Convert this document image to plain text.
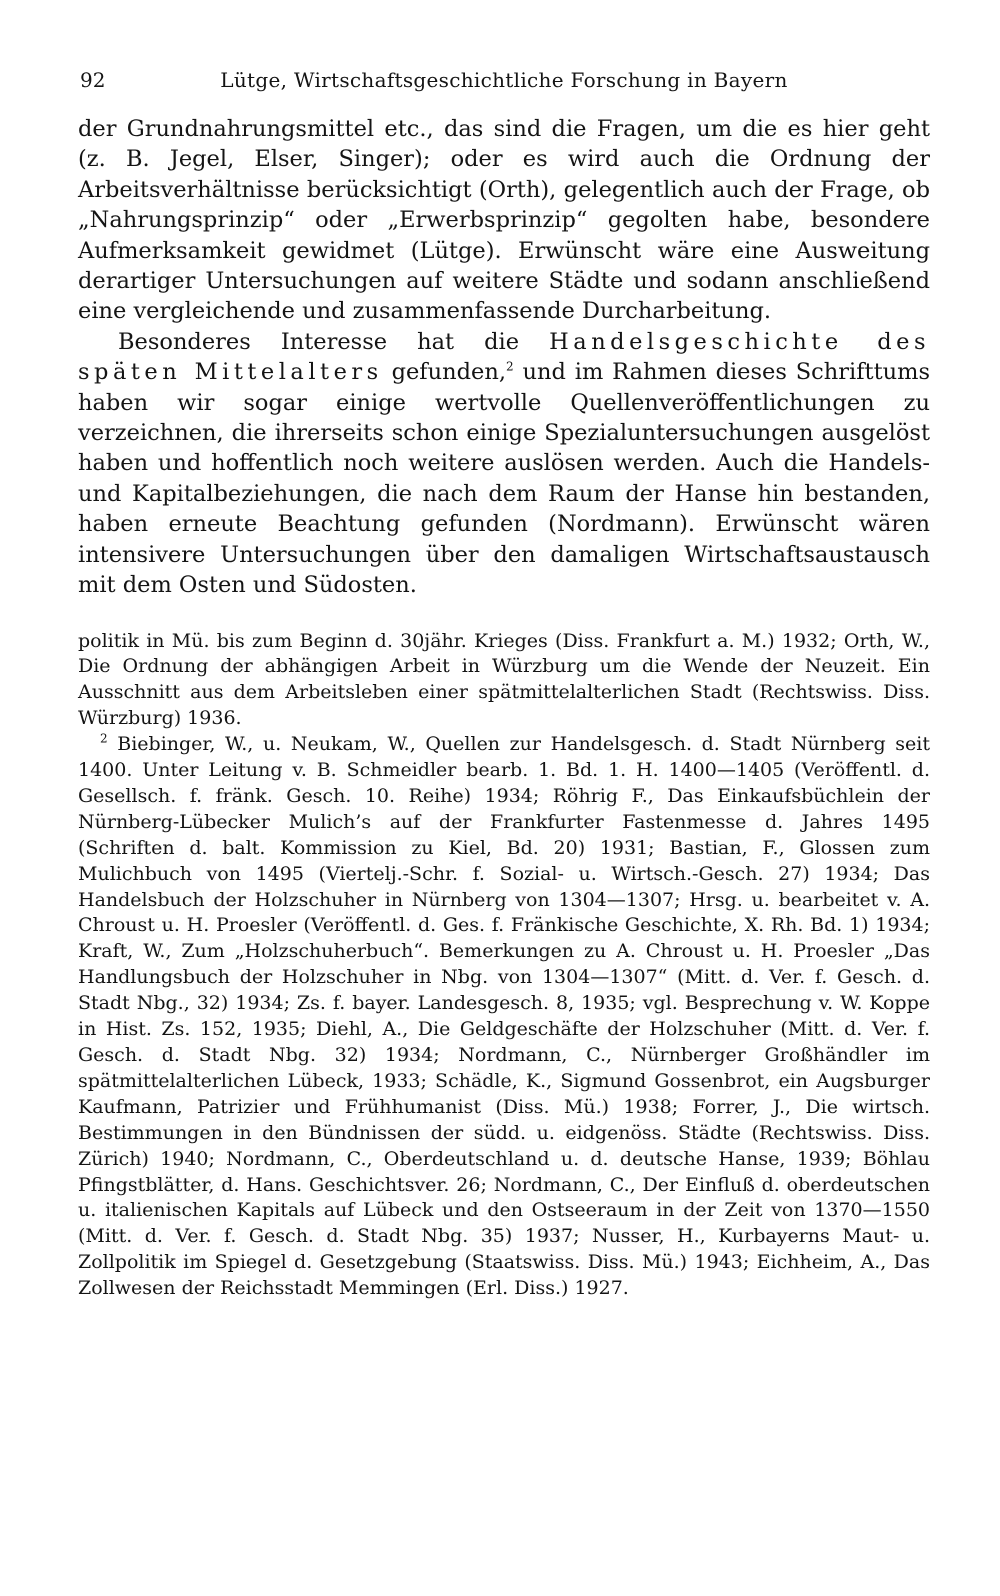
92	Lütge, Wirtschaftsgeschichtliche Forschung in Bayern

der Grundnahrungsmittel etc., das sind die Fragen, um die es hier geht (z. B. Jegel, Elser, Singer); oder es wird auch die Ordnung der Arbeitsverhältnisse berücksichtigt (Orth), gelegentlich auch der Frage, ob „Nahrungsprinzip“ oder „Erwerbsprinzip“ gegolten habe, besondere Aufmerksamkeit gewidmet (Lütge). Erwünscht wäre eine Ausweitung derartiger Untersuchungen auf weitere Städte und sodann anschließend eine vergleichende und zusammenfassende Durcharbeitung.

Besonderes Interesse hat die Handelsgeschichte des späten Mittelalters gefunden,$^2$ und im Rahmen dieses Schrifttums haben wir sogar einige wertvolle Quellenveröffentlichungen zu verzeichnen, die ihrerseits schon einige Spezialuntersuchungen ausgelöst haben und hoffentlich noch weitere auslösen werden. Auch die Handels- und Kapitalbeziehungen, die nach dem Raum der Hanse hin bestanden, haben erneute Beachtung gefunden (Nordmann). Erwünscht wären intensivere Untersuchungen über den damaligen Wirtschaftsaustausch mit dem Osten und Südosten.

politik in Mü. bis zum Beginn d. 30jähr. Krieges (Diss. Frankfurt a. M.) 1932; Orth, W., Die Ordnung der abhängigen Arbeit in Würzburg um die Wende der Neuzeit. Ein Ausschnitt aus dem Arbeitsleben einer spätmittelalterlichen Stadt (Rechtswiss. Diss. Würzburg) 1936.

$^2$ Biebinger, W., u. Neukam, W., Quellen zur Handelsgesch. d. Stadt Nürnberg seit 1400. Unter Leitung v. B. Schmeidler bearb. 1. Bd. 1. H. 1400—1405 (Veröffentl. d. Gesellsch. f. fränk. Gesch. 10. Reihe) 1934; Röhrig F., Das Einkaufsbüchlein der Nürnberg-Lübecker Mulich’s auf der Frankfurter Fastenmesse d. Jahres 1495 (Schriften d. balt. Kommission zu Kiel, Bd. 20) 1931; Bastian, F., Glossen zum Mulichbuch von 1495 (Viertelj.-Schr. f. Sozial- u. Wirtsch.-Gesch. 27) 1934; Das Handelsbuch der Holzschuher in Nürnberg von 1304—1307; Hrsg. u. bearbeitet v. A. Chroust u. H. Proesler (Veröffentl. d. Ges. f. Fränkische Geschichte, X. Rh. Bd. 1) 1934; Kraft, W., Zum „Holzschuherbuch“. Bemerkungen zu A. Chroust u. H. Proesler „Das Handlungsbuch der Holzschuher in Nbg. von 1304—1307“ (Mitt. d. Ver. f. Gesch. d. Stadt Nbg., 32) 1934; Zs. f. bayer. Landesgesch. 8, 1935; vgl. Besprechung v. W. Koppe in Hist. Zs. 152, 1935; Diehl, A., Die Geldgeschäfte der Holzschuher (Mitt. d. Ver. f. Gesch. d. Stadt Nbg. 32) 1934; Nordmann, C., Nürnberger Großhändler im spätmittelalterlichen Lübeck, 1933; Schädle, K., Sigmund Gossenbrot, ein Augsburger Kaufmann, Patrizier und Frühhumanist (Diss. Mü.) 1938; Forrer, J., Die wirtsch. Bestimmungen in den Bündnissen der südd. u. eidgenöss. Städte (Rechtswiss. Diss. Zürich) 1940; Nordmann, C., Oberdeutschland u. d. deutsche Hanse, 1939; Böhlau Pfingstblätter, d. Hans. Geschichtsver. 26; Nordmann, C., Der Einfluß d. oberdeutschen u. italienischen Kapitals auf Lübeck und den Ostseeraum in der Zeit von 1370—1550 (Mitt. d. Ver. f. Gesch. d. Stadt Nbg. 35) 1937; Nusser, H., Kurbayerns Maut- u. Zollpolitik im Spiegel d. Gesetzgebung (Staatswiss. Diss. Mü.) 1943; Eichheim, A., Das Zollwesen der Reichsstadt Memmingen (Erl. Diss.) 1927.
